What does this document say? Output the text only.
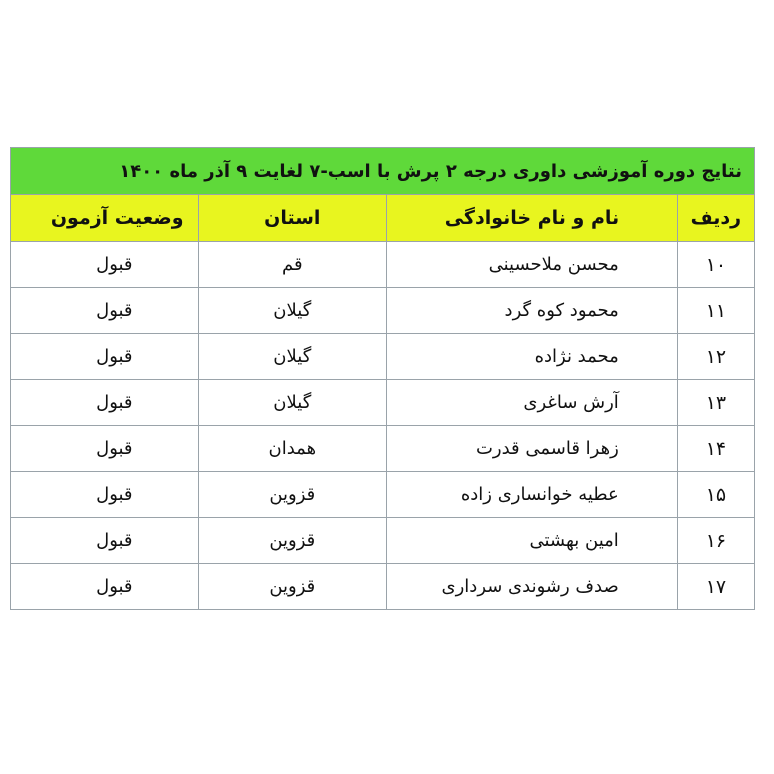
نتایج دوره آموزشی داوری درجه ۲ پرش با اسب-۷ لغایت ۹ آذر ماه ۱۴۰۰			
ردیف	نام و نام خانوادگی	استان	وضعیت آزمون
۱۰	محسن ملاحسینی	قم	قبول
۱۱	محمود کوه گرد	گیلان	قبول
۱۲	محمد نژاده	گیلان	قبول
۱۳	آرش ساغری	گیلان	قبول
۱۴	زهرا قاسمی قدرت	همدان	قبول
۱۵	عطیه خوانساری زاده	قزوین	قبول
۱۶	امین بهشتی	قزوین	قبول
۱۷	صدف رشوندی سرداری	قزوین	قبول
